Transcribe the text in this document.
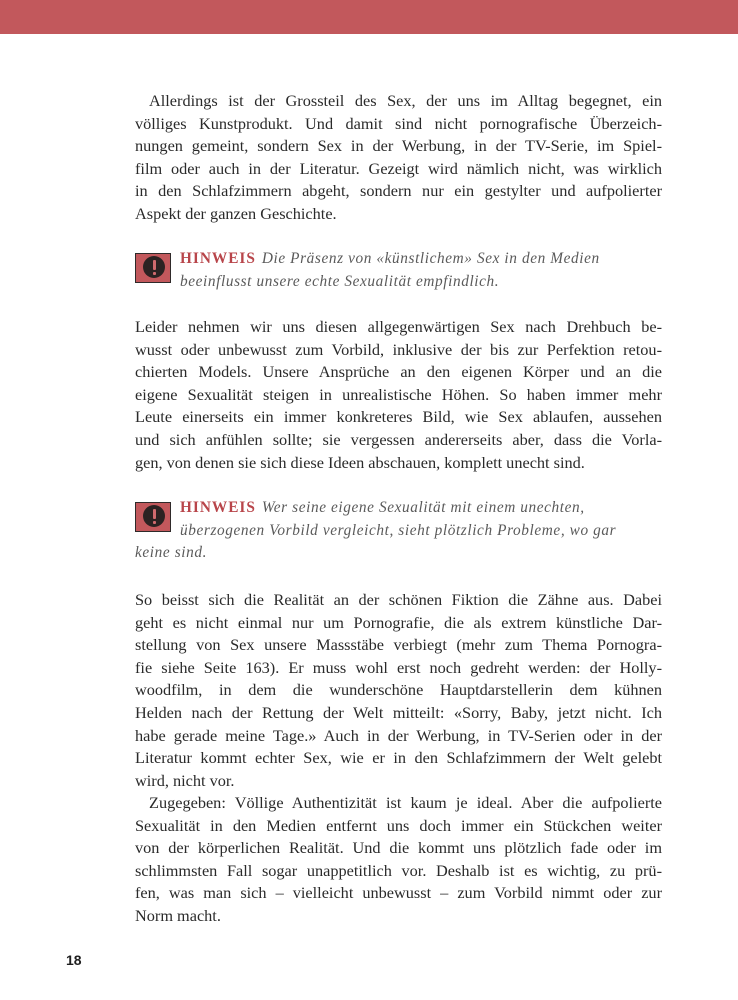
Allerdings ist der Grossteil des Sex, der uns im Alltag begegnet, ein
völliges Kunstprodukt. Und damit sind nicht pornografische Überzeich-
nungen gemeint, sondern Sex in der Werbung, in der TV-Serie, im Spiel-
film oder auch in der Literatur. Gezeigt wird nämlich nicht, was wirklich
in den Schlafzimmern abgeht, sondern nur ein gestylter und aufpolierter
Aspekt der ganzen Geschichte.
HINWEIS Die Präsenz von «künstlichem» Sex in den Medien
beeinflusst unsere echte Sexualität empfindlich.
Leider nehmen wir uns diesen allgegenwärtigen Sex nach Drehbuch be-
wusst oder unbewusst zum Vorbild, inklusive der bis zur Perfektion retou-
chierten Models. Unsere Ansprüche an den eigenen Körper und an die
eigene Sexualität steigen in unrealistische Höhen. So haben immer mehr
Leute einerseits ein immer konkreteres Bild, wie Sex ablaufen, aussehen
und sich anfühlen sollte; sie vergessen andererseits aber, dass die Vorla-
gen, von denen sie sich diese Ideen abschauen, komplett unecht sind.
HINWEIS Wer seine eigene Sexualität mit einem unechten,
überzogenen Vorbild vergleicht, sieht plötzlich Probleme, wo gar
keine sind.
So beisst sich die Realität an der schönen Fiktion die Zähne aus. Dabei
geht es nicht einmal nur um Pornografie, die als extrem künstliche Dar-
stellung von Sex unsere Massstäbe verbiegt (mehr zum Thema Pornogra-
fie siehe Seite 163). Er muss wohl erst noch gedreht werden: der Holly-
woodfilm, in dem die wunderschöne Hauptdarstellerin dem kühnen
Helden nach der Rettung der Welt mitteilt: «Sorry, Baby, jetzt nicht. Ich
habe gerade meine Tage.» Auch in der Werbung, in TV-Serien oder in der
Literatur kommt echter Sex, wie er in den Schlafzimmern der Welt gelebt
wird, nicht vor.
Zugegeben: Völlige Authentizität ist kaum je ideal. Aber die aufpolierte
Sexualität in den Medien entfernt uns doch immer ein Stückchen weiter
von der körperlichen Realität. Und die kommt uns plötzlich fade oder im
schlimmsten Fall sogar unappetitlich vor. Deshalb ist es wichtig, zu prü-
fen, was man sich – vielleicht unbewusst – zum Vorbild nimmt oder zur
Norm macht.
18
